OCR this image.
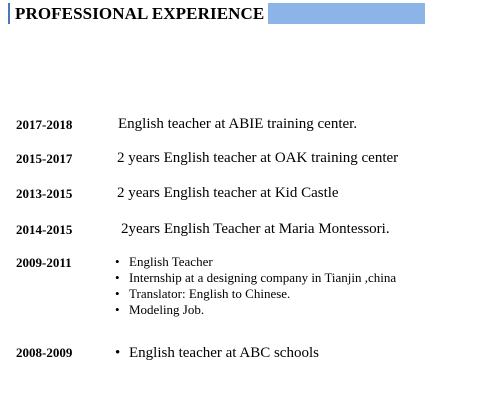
PROFESSIONAL EXPERIENCE
2017-2018	English teacher at ABIE training center.
2015-2017	2 years English teacher at OAK training center
2013-2015	2 years English teacher at Kid Castle
2014-2015	2years English Teacher at Maria Montessori.
2009-2011	• English Teacher
• Internship at a designing company in Tianjin ,china
• Translator: English to Chinese.
• Modeling Job.
2008-2009	• English teacher at ABC schools
